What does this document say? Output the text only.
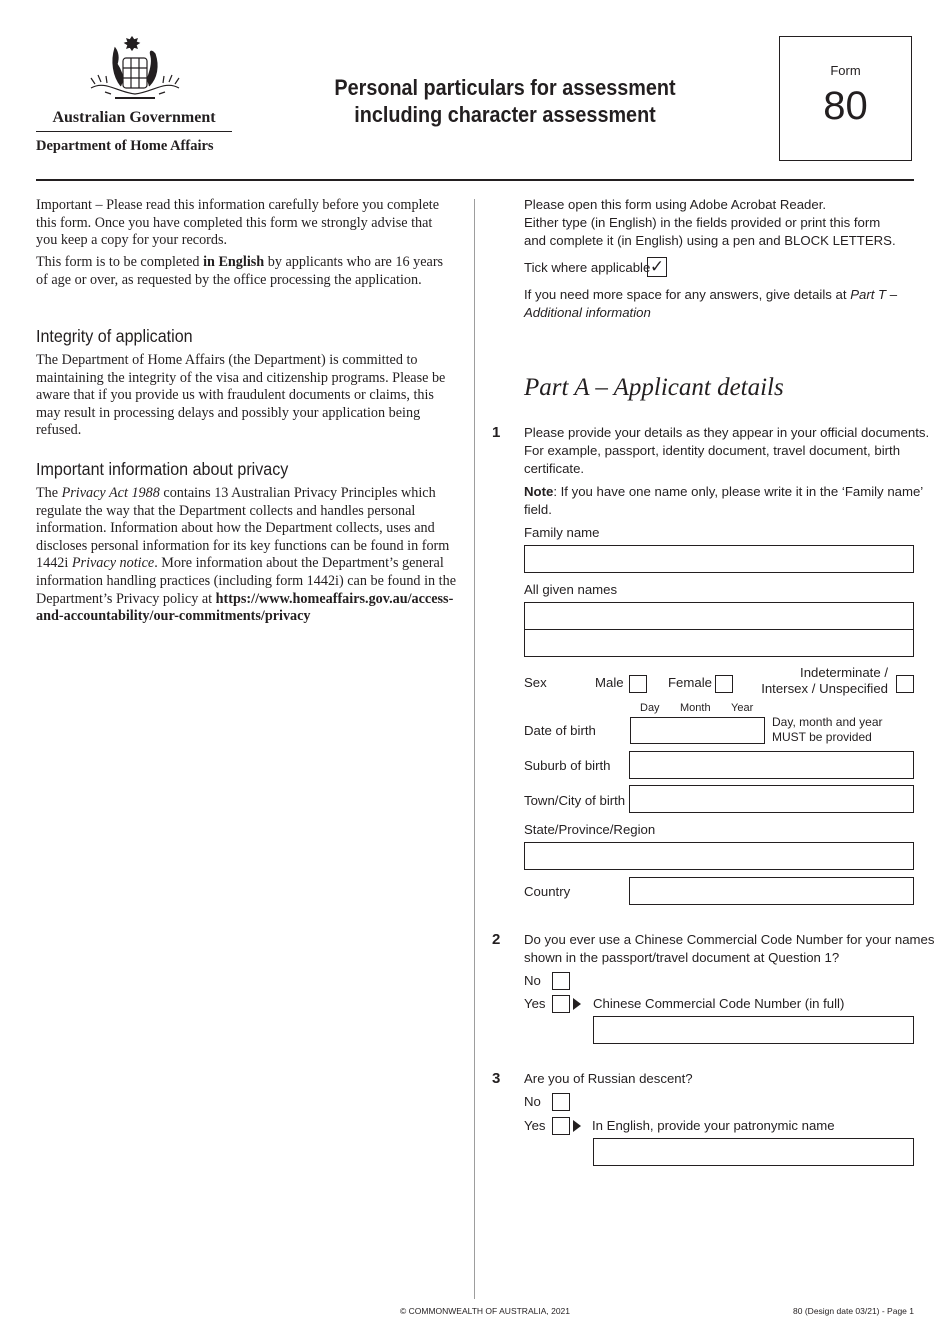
Australian Government
Department of Home Affairs
Personal particulars for assessment
including character assessment
Form
80

Important – Please read this information carefully before you complete this form. Once you have completed this form we strongly advise that you keep a copy for your records.

This form is to be completed in English by applicants who are 16 years of age or over, as requested by the office processing the application.

Integrity of application

The Department of Home Affairs (the Department) is committed to maintaining the integrity of the visa and citizenship programs. Please be aware that if you provide us with fraudulent documents or claims, this may result in processing delays and possibly your application being refused.

Important information about privacy

The Privacy Act 1988 contains 13 Australian Privacy Principles which regulate the way that the Department collects and handles personal information. Information about how the Department collects, uses and discloses personal information for its key functions can be found in form 1442i Privacy notice. More information about the Department’s general information handling practices (including form 1442i) can be found in the Department’s Privacy policy at https://www.homeaffairs.gov.au/access-and-accountability/our-commitments/privacy

Please open this form using Adobe Acrobat Reader.
Either type (in English) in the fields provided or print this form
and complete it (in English) using a pen and BLOCK LETTERS.
Tick where applicable ✓
If you need more space for any answers, give details at Part T –
Additional information
Part A – Applicant details
1 Please provide your details as they appear in your official documents.
For example, passport, identity document, travel document, birth
certificate.
Note: If you have one name only, please write it in the ‘Family name’
field.
Family name
All given names
Sex	Male	Female
Indeterminate /
Intersex / Unspecified
Day Month Year
Date of birth
Day, month and year
MUST be provided
Suburb of birth
Town/City of birth
State/Province/Region
Country
2 Do you ever use a Chinese Commercial Code Number for your names
shown in the passport/travel document at Question 1?
No
Yes	Chinese Commercial Code Number (in full)
3 Are you of Russian descent?
No
Yes	In English, provide your patronymic name
© COMMONWEALTH OF AUSTRALIA, 2021	80 (Design date 03/21) - Page 1
